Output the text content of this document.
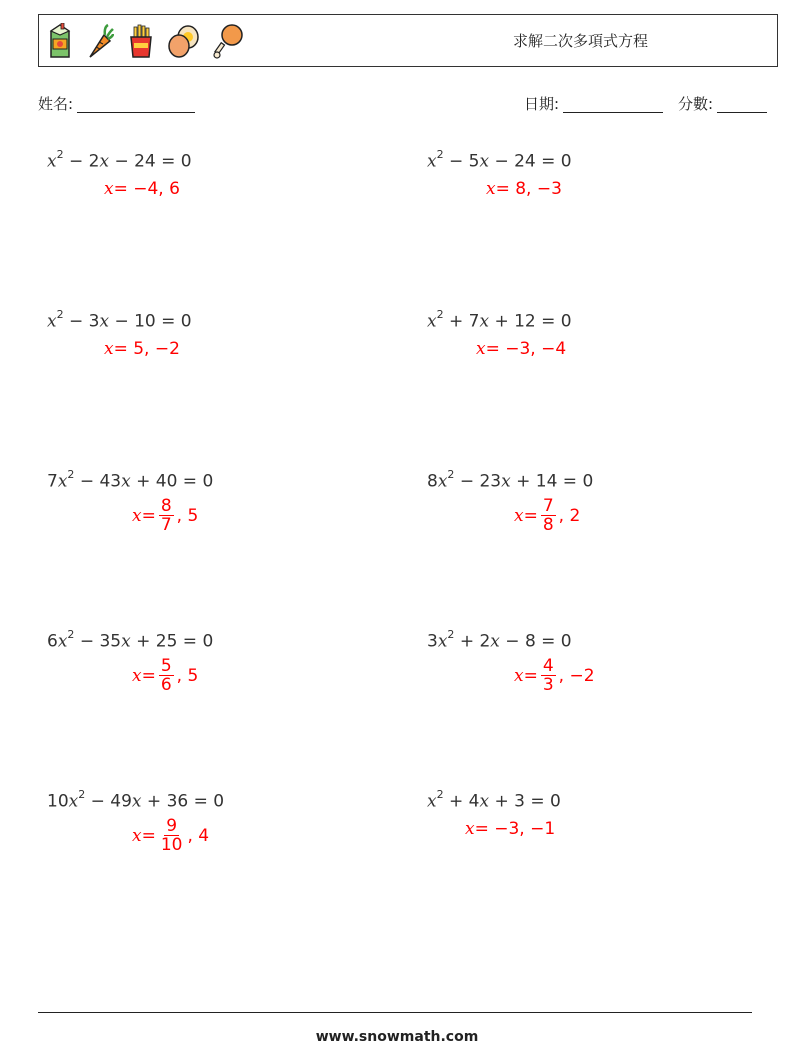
求解二次多項式方程
姓名:	日期:	分數:
$x^2 - 2x - 24 = 0$
x = −4, 6
$x^2 - 5x - 24 = 0$
x = 8, −3
$x^2 - 3x - 10 = 0$
x = 5, −2
$x^2 + 7x + 12 = 0$
x = −3, −4
$7x^2 - 43x + 40 = 0$
$x = \frac{8}{7}$ , 5
$8x^2 - 23x + 14 = 0$
$x = \frac{7}{8}$ , 2
$6x^2 - 35x + 25 = 0$
$x = \frac{5}{6}$ , 5
$3x^2 + 2x - 8 = 0$
$x = \frac{4}{3}$ , −2
$10x^2 - 49x + 36 = 0$
$x = \frac{9}{10}$ , 4
$x^2 + 4x + 3 = 0$
x = −3, −1
www.snowmath.com
